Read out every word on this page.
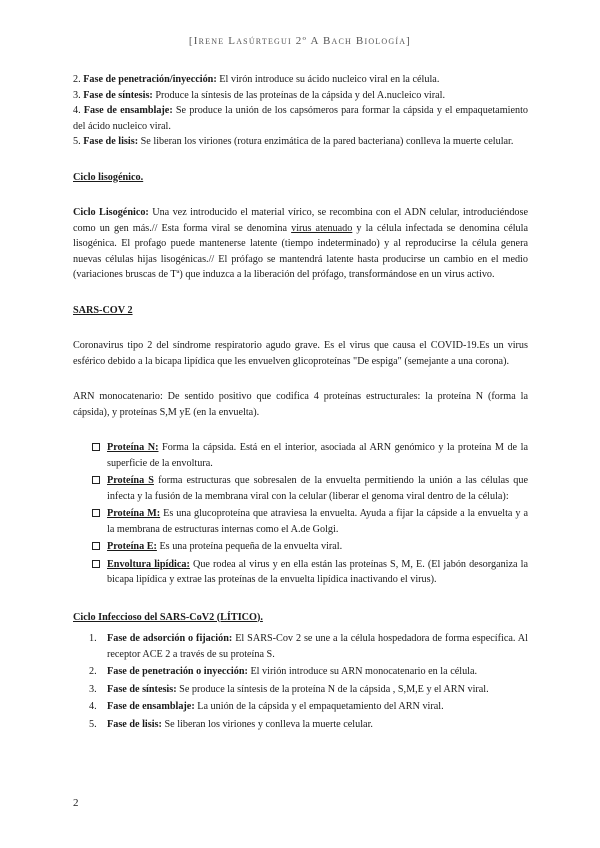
[Irene Lasúrtegui 2º A Bach Biología]

2. Fase de penetración/inyección: El virón introduce su ácido nucleico viral en la célula.

3. Fase de síntesis: Produce la síntesis de las proteínas de la cápsida y del A.nucleico viral.

4. Fase de ensamblaje: Se produce la unión de los capsómeros para formar la cápsida y el empaquetamiento del ácido nucleico viral.

5. Fase de lisis: Se liberan los viriones (rotura enzimática de la pared bacteriana) conlleva la muerte celular.

Ciclo lisogénico.

Ciclo Lisogénico: Una vez introducido el material vírico, se recombina con el ADN celular, introduciéndose como un gen más.// Esta forma viral se denomina virus atenuado y la célula infectada se denomina célula lisogénica. El profago puede mantenerse latente (tiempo indeterminado) y al reproducirse la célula genera nuevas células hijas lisogénicas.// El prófago se mantendrá latente hasta producirse un cambio en el medio (variaciones bruscas de Tª) que induzca a la liberación del prófago, transformándose en un virus activo.

SARS-COV 2

Coronavirus tipo 2 del síndrome respiratorio agudo grave. Es el virus que causa el COVID-19.Es un virus esférico debido a la bicapa lipídica que les envuelven glicoproteínas "De espiga" (semejante a una corona).

ARN monocatenario: De sentido positivo que codifica 4 proteínas estructurales: la proteína N (forma la cápsida), y proteínas S,M yE (en la envuelta).

Proteína N: Forma la cápsida. Está en el interior, asociada al ARN genómico y la proteína M de la superficie de la envoltura.
Proteína S forma estructuras que sobresalen de la envuelta permitiendo la unión a las células que infecta y la fusión de la membrana viral con la celular (liberar el genoma viral dentro de la célula):
Proteína M: Es una glucoproteína que atraviesa la envuelta. Ayuda a fijar la cápside a la envuelta y a la membrana de estructuras internas como el A.de Golgi.
Proteína E: Es una proteína pequeña de la envuelta viral.
Envoltura lipídica: Que rodea al virus y en ella están las proteínas S, M, E. (El jabón desorganiza la bicapa lipídica y extrae las proteínas de la envuelta lipídica inactivando el virus).

Ciclo Infeccioso del SARS-CoV2 (LÍTICO).

1. Fase de adsorción o fijación: El SARS-Cov 2 se une a la célula hospedadora de forma específica. Al receptor ACE 2 a través de su proteína S.
2. Fase de penetración o inyección: El virión introduce su ARN monocatenario en la célula.
3. Fase de síntesis: Se produce la síntesis de la proteína N de la cápsida , S,M,E y el ARN viral.
4. Fase de ensamblaje: La unión de la cápsida y el empaquetamiento del ARN viral.
5. Fase de lisis: Se liberan los viriones y conlleva la muerte celular.
2
